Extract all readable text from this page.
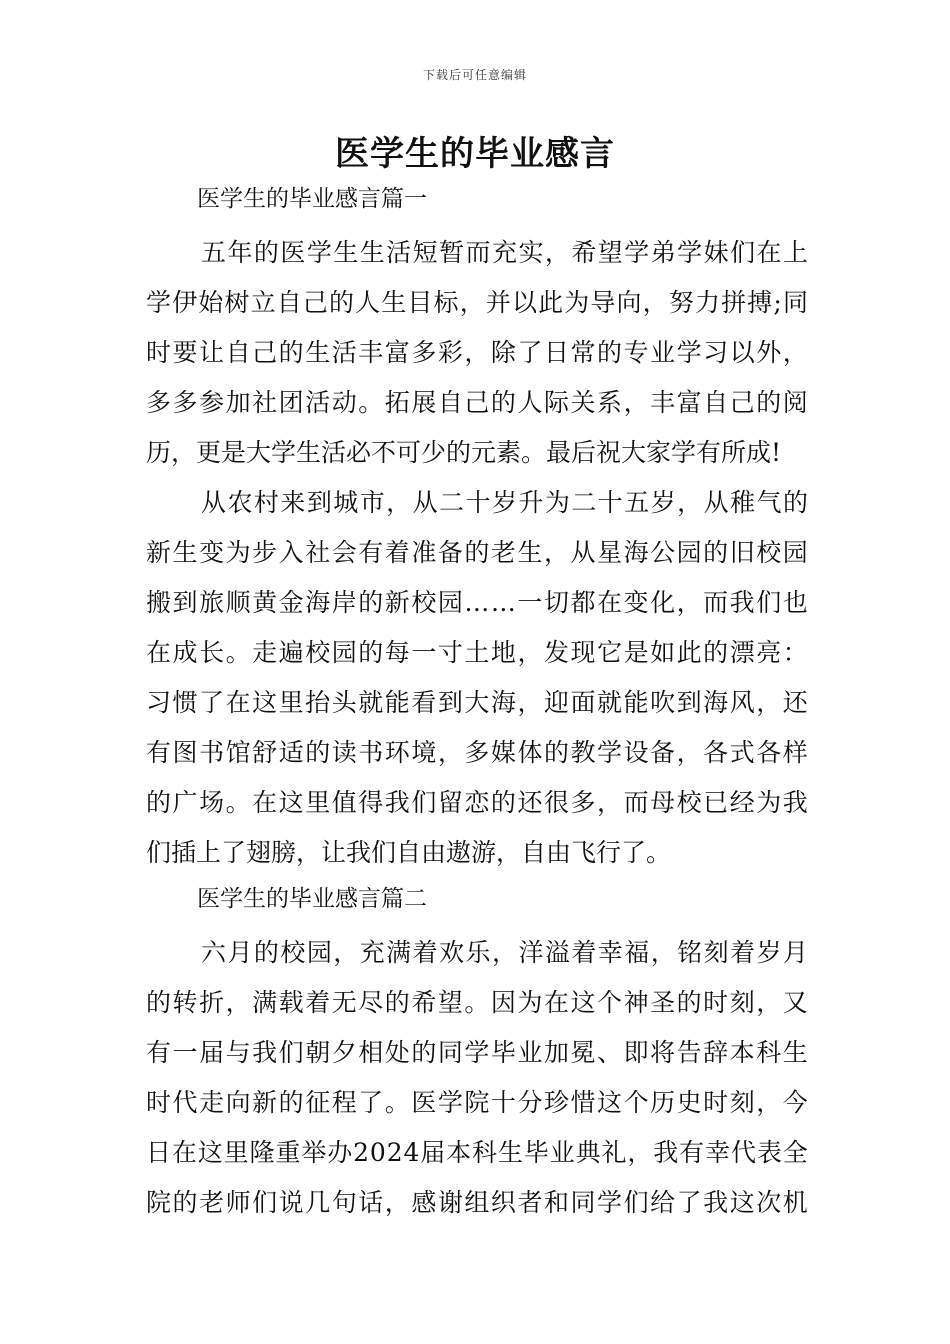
下载后可任意编辑
医学生的毕业感言
医学生的毕业感言篇一
五 年 的 医 学 生 生 活 短 暂 而 充 实 ， 希 望 学 弟 学 妹 们 在 上
学 伊 始 树 立 自 己 的 人 生 目 标 ， 并 以 此 为 导 向 ， 努 力 拼 搏 ; 同
时 要 让 自 己 的 生 活 丰 富 多 彩 ， 除 了 日 常 的 专 业 学 习 以 外 ，
多 多 参 加 社 团 活 动 。 拓 展 自 己 的 人 际 关 系 ， 丰 富 自 己 的 阅
历，更是大学生活必不可少的元素。最后祝大家学有所成!
从 农 村 来 到 城 市 ， 从 二 十 岁 升 为 二 十 五 岁 ， 从 稚 气 的
新 生 变 为 步 入 社 会 有 着 准 备 的 老 生 ， 从 星 海 公 园 的 旧 校 园
搬 到 旅 顺 黄 金 海 岸 的 新 校 园 … … 一 切 都 在 变 化 ， 而 我 们 也
在 成 长 。 走 遍 校 园 的 每 一 寸 土 地 ， 发 现 它 是 如 此 的 漂 亮 ：
习 惯 了 在 这 里 抬 头 就 能 看 到 大 海 ， 迎 面 就 能 吹 到 海 风 ， 还
有 图 书 馆 舒 适 的 读 书 环 境 ， 多 媒 体 的 教 学 设 备 ， 各 式 各 样
的 广 场 。 在 这 里 值 得 我 们 留 恋 的 还 很 多 ， 而 母 校 已 经 为 我
们插上了翅膀，让我们自由遨游，自由飞行了。
医学生的毕业感言篇二
六 月 的 校 园 ， 充 满 着 欢 乐 ， 洋 溢 着 幸 福 ， 铭 刻 着 岁 月
的 转 折 ， 满 载 着 无 尽 的 希 望 。 因 为 在 这 个 神 圣 的 时 刻 ， 又
有 一 届 与 我 们 朝 夕 相 处 的 同 学 毕 业 加 冕 、 即 将 告 辞 本 科 生
时 代 走 向 新 的 征 程 了 。 医 学 院 十 分 珍 惜 这 个 历 史 时 刻 ， 今
日 在 这 里 隆 重 举 办 2 0 2 4 届 本 科 生 毕 业 典 礼 ， 我 有 幸 代 表 全
院 的 老 师 们 说 几 句 话 ， 感 谢 组 织 者 和 同 学 们 给 了 我 这 次 机
